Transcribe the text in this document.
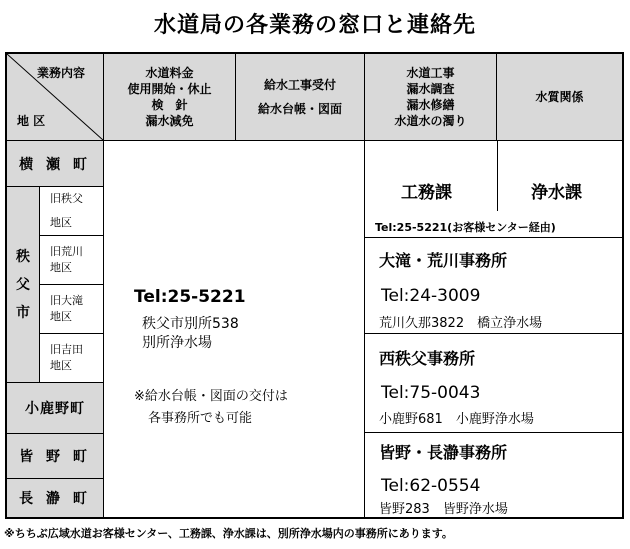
水道局の各業務の窓口と連絡先
業務内容
地 区
水道料金
使用開始・休止
検　針
漏水減免
給水工事受付
給水台帳・図面
水道工事
漏水調査
漏水修繕
水道水の濁り
水質関係
横 瀬 町
秩
父
市
旧秩父
地区
旧荒川
地区
旧大滝
地区
旧吉田
地区
小鹿野町
皆 野 町
長 瀞 町
Tel:25-5221
秩父市別所538
別所浄水場
※給水台帳・図面の交付は
各事務所でも可能
工務課	浄水課
Tel:25-5221(お客様センター経由)
大滝・荒川事務所
Tel:24-3009
荒川久那3822　橋立浄水場
西秩父事務所
Tel:75-0043
小鹿野681　小鹿野浄水場
皆野・長瀞事務所
Tel:62-0554
皆野283　皆野浄水場
※ちちぶ広域水道お客様センター、工務課、浄水課は、別所浄水場内の事務所にあります。
